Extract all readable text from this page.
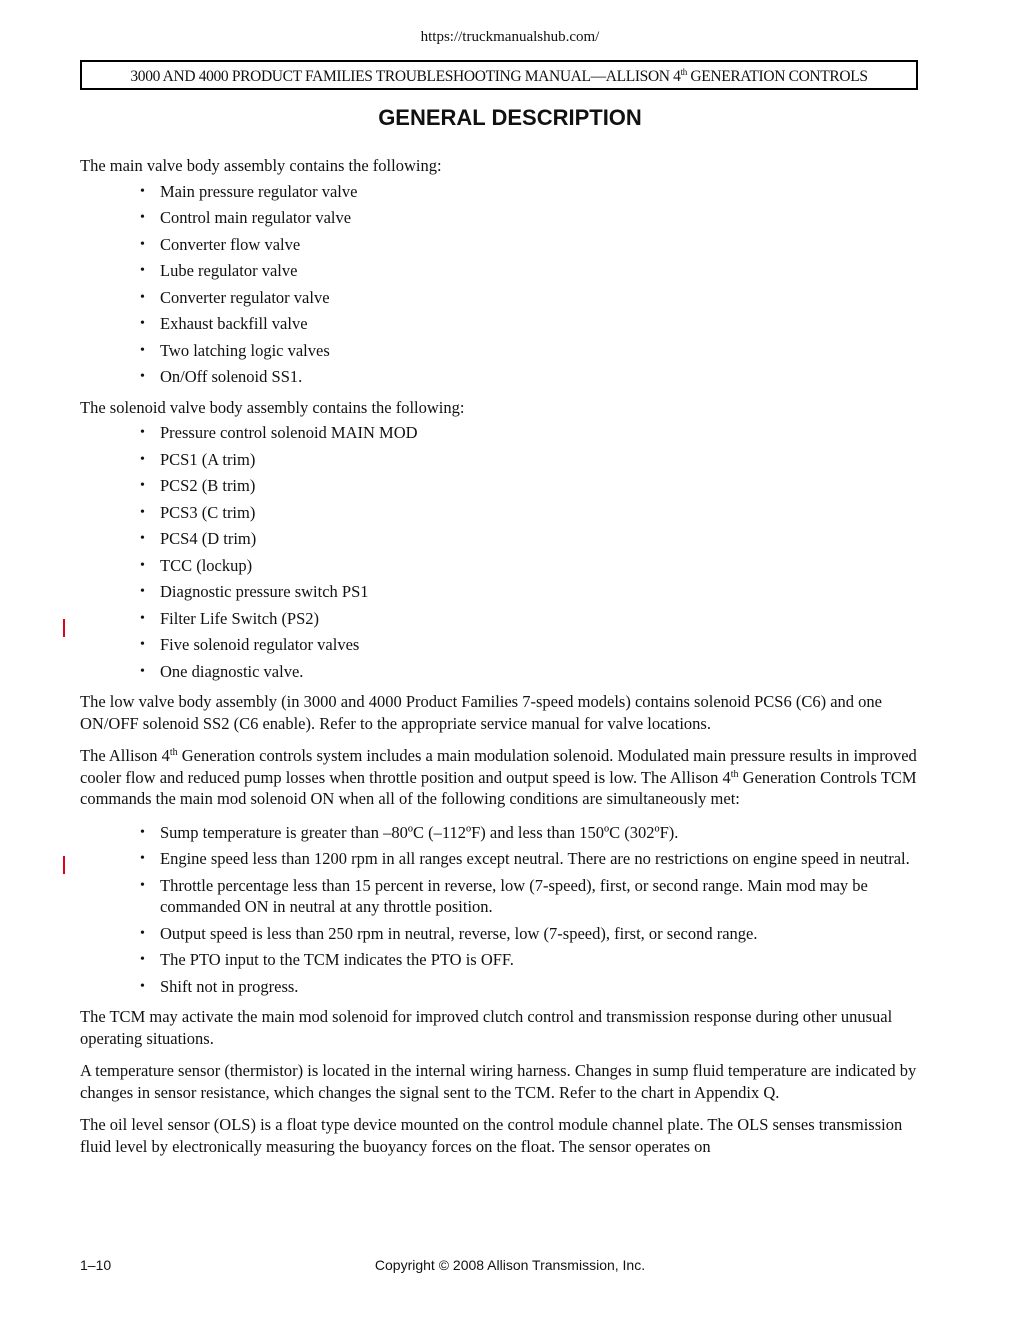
https://truckmanualshub.com/
3000 AND 4000 PRODUCT FAMILIES TROUBLESHOOTING MANUAL—ALLISON 4th GENERATION CONTROLS
GENERAL DESCRIPTION

The main valve body assembly contains the following:

• Main pressure regulator valve
• Control main regulator valve
• Converter flow valve
• Lube regulator valve
• Converter regulator valve
• Exhaust backfill valve
• Two latching logic valves
• On/Off solenoid SS1.

The solenoid valve body assembly contains the following:

• Pressure control solenoid MAIN MOD
• PCS1 (A trim)
• PCS2 (B trim)
• PCS3 (C trim)
• PCS4 (D trim)
• TCC (lockup)
• Diagnostic pressure switch PS1
• Filter Life Switch (PS2)
• Five solenoid regulator valves
• One diagnostic valve.

The low valve body assembly (in 3000 and 4000 Product Families 7-speed models) contains solenoid PCS6 (C6) and one ON/OFF solenoid SS2 (C6 enable). Refer to the appropriate service manual for valve locations.

The Allison 4th Generation controls system includes a main modulation solenoid. Modulated main pressure results in improved cooler flow and reduced pump losses when throttle position and output speed is low. The Allison 4th Generation Controls TCM commands the main mod solenoid ON when all of the following conditions are simultaneously met:

• Sump temperature is greater than –80ºC (–112ºF) and less than 150ºC (302ºF).
• Engine speed less than 1200 rpm in all ranges except neutral. There are no restrictions on engine speed in neutral.
• Throttle percentage less than 15 percent in reverse, low (7-speed), first, or second range. Main mod may be commanded ON in neutral at any throttle position.
• Output speed is less than 250 rpm in neutral, reverse, low (7-speed), first, or second range.
• The PTO input to the TCM indicates the PTO is OFF.
• Shift not in progress.

The TCM may activate the main mod solenoid for improved clutch control and transmission response during other unusual operating situations.

A temperature sensor (thermistor) is located in the internal wiring harness. Changes in sump fluid temperature are indicated by changes in sensor resistance, which changes the signal sent to the TCM. Refer to the chart in Appendix Q.

The oil level sensor (OLS) is a float type device mounted on the control module channel plate. The OLS senses transmission fluid level by electronically measuring the buoyancy forces on the float. The sensor operates on

1–10	Copyright © 2008 Allison Transmission, Inc.
